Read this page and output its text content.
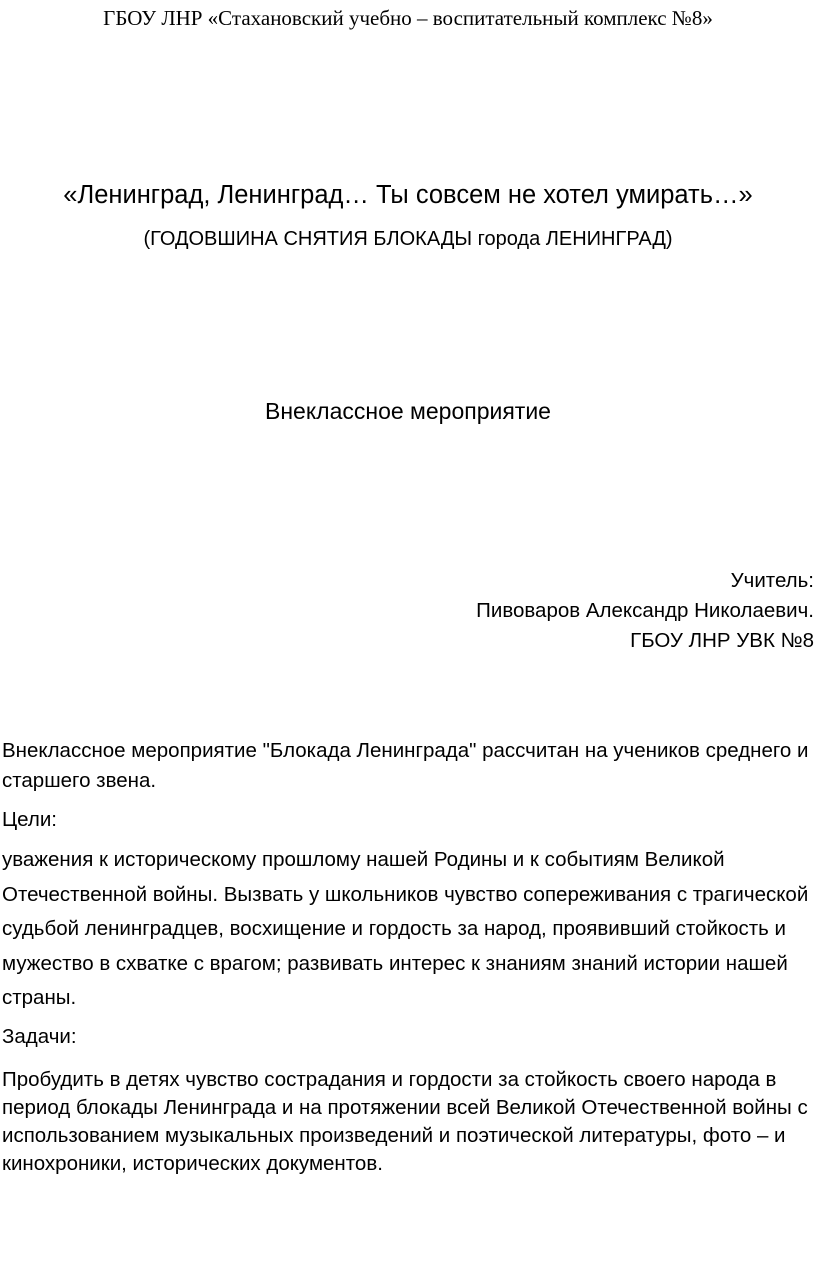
ГБОУ ЛНР «Стахановский учебно – воспитательный комплекс №8»
«Ленинград, Ленинград… Ты совсем не хотел умирать…»
(ГОДОВШИНА СНЯТИЯ БЛОКАДЫ города ЛЕНИНГРАД)
Внеклассное мероприятие
Учитель:
Пивоваров Александр Николаевич.
ГБОУ ЛНР УВК №8

Внеклассное мероприятие "Блокада Ленинграда" рассчитан на учеников среднего и старшего звена.

Цели:

уважения к историческому прошлому нашей Родины и к событиям Великой Отечественной войны. Вызвать у школьников чувство сопереживания с трагической судьбой ленинградцев, восхищение и гордость за народ, проявивший стойкость и мужество в схватке с врагом; развивать интерес к знаниям знаний истории нашей страны.

Задачи:

Пробудить в детях чувство сострадания и гордости за стойкость своего народа в период блокады Ленинграда и на протяжении всей Великой Отечественной войны с использованием музыкальных произведений и поэтической литературы, фото – и кинохроники, исторических документов.
